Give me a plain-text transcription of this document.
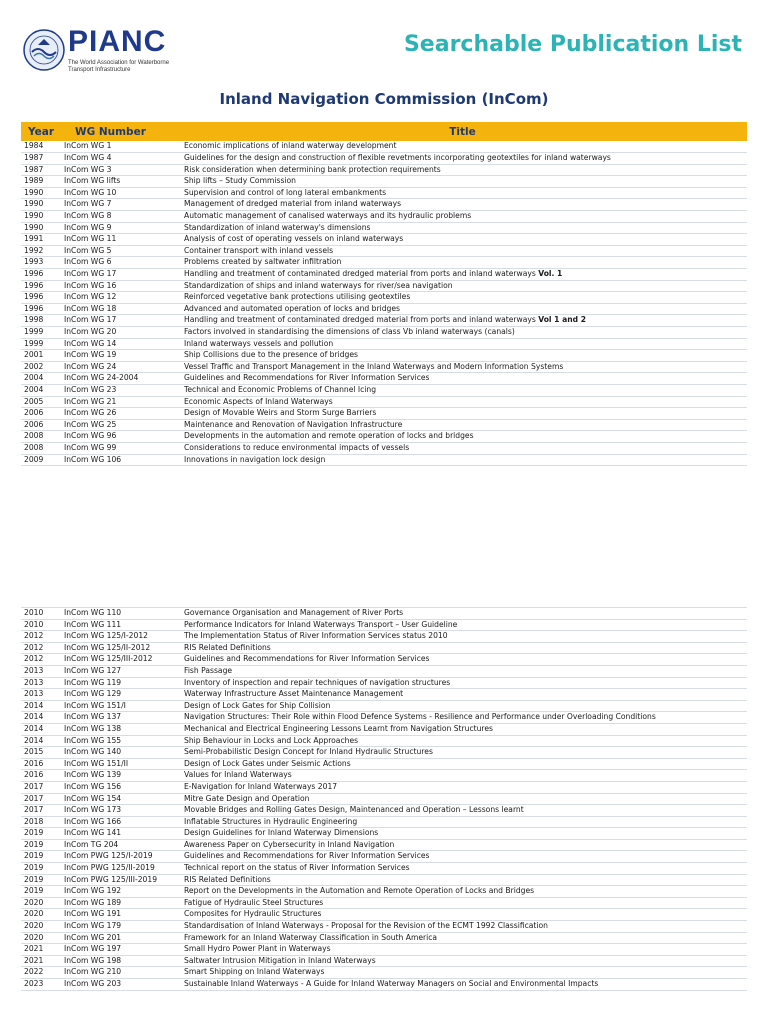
PIANC
The World Association for Waterborne Transport Infrastructure
Searchable Publication List
Inland Navigation Commission (InCom)
Year	WG Number	Title
1984	InCom WG 1	Economic implications of inland waterway development
1987	InCom WG 4	Guidelines for the design and construction of flexible revetments incorporating geotextiles for inland waterways
1987	InCom WG 3	Risk consideration when determining bank protection requirements
1989	InCom WG lifts	Ship lifts – Study Commission
1990	InCom WG 10	Supervision and control of long lateral embankments
1990	InCom WG 7	Management of dredged material from inland waterways
1990	InCom WG 8	Automatic management of canalised waterways and its hydraulic problems
1990	InCom WG 9	Standardization of inland waterway's dimensions
1991	InCom WG 11	Analysis of cost of operating vessels on inland waterways
1992	InCom WG 5	Container transport with inland vessels
1993	InCom WG 6	Problems created by saltwater infiltration
1996	InCom WG 17	Handling and treatment of contaminated dredged material from ports and inland waterways Vol. 1
1996	InCom WG 16	Standardization of ships and inland waterways for river/sea navigation
1996	InCom WG 12	Reinforced vegetative bank protections utilising geotextiles
1996	InCom WG 18	Advanced and automated operation of locks and bridges
1998	InCom WG 17	Handling and treatment of contaminated dredged material from ports and inland waterways Vol 1 and 2
1999	InCom WG 20	Factors involved in standardising the dimensions of class Vb inland waterways (canals)
1999	InCom WG 14	Inland waterways vessels and pollution
2001	InCom WG 19	Ship Collisions due to the presence of bridges
2002	InCom WG 24	Vessel Traffic and Transport Management in the Inland Waterways and Modern Information Systems
2004	InCom WG 24-2004	Guidelines and Recommendations for River Information Services
2004	InCom WG 23	Technical and Economic Problems of Channel Icing
2005	InCom WG 21	Economic Aspects of Inland Waterways
2006	InCom WG 26	Design of Movable Weirs and Storm Surge Barriers
2006	InCom WG 25	Maintenance and Renovation of Navigation Infrastructure
2008	InCom WG 96	Developments in the automation and remote operation of locks and bridges
2008	InCom WG 99	Considerations to reduce environmental impacts of vessels
2009	InCom WG 106	Innovations in navigation lock design
2010	InCom WG 110	Governance Organisation and Management of River Ports
2010	InCom WG 111	Performance Indicators for Inland Waterways Transport – User Guideline
2012	InCom WG 125/I-2012	The Implementation Status of River Information Services status 2010
2012	InCom WG 125/II-2012	RIS Related Definitions
2012	InCom WG 125/III-2012	Guidelines and Recommendations for River Information Services
2013	InCom WG 127	Fish Passage
2013	InCom WG 119	Inventory of inspection and repair techniques of navigation structures
2013	InCom WG 129	Waterway Infrastructure Asset Maintenance Management
2014	InCom WG 151/I	Design of Lock Gates for Ship Collision
2014	InCom WG 137	Navigation Structures: Their Role within Flood Defence Systems - Resilience and Performance under Overloading Conditions
2014	InCom WG 138	Mechanical and Electrical Engineering Lessons Learnt from Navigation Structures
2014	InCom WG 155	Ship Behaviour in Locks and Lock Approaches
2015	InCom WG 140	Semi-Probabilistic Design Concept for Inland Hydraulic Structures
2016	InCom WG 151/II	Design of Lock Gates under Seismic Actions
2016	InCom WG 139	Values for Inland Waterways
2017	InCom WG 156	E-Navigation for Inland Waterways 2017
2017	InCom WG 154	Mitre Gate Design and Operation
2017	InCom WG 173	Movable Bridges and Rolling Gates Design, Maintenanced and Operation – Lessons learnt
2018	InCom WG 166	Inflatable Structures in Hydraulic Engineering
2019	InCom WG 141	Design Guidelines for Inland Waterway Dimensions
2019	InCom TG 204	Awareness Paper on Cybersecurity in Inland Navigation
2019	InCom PWG 125/I-2019	Guidelines and Recommendations for River Information Services
2019	InCom PWG 125/II-2019	Technical report on the status of River Information Services
2019	InCom PWG 125/III-2019	RIS Related Definitions
2019	InCom WG 192	Report on the Developments in the Automation and Remote Operation of Locks and Bridges
2020	InCom WG 189	Fatigue of Hydraulic Steel Structures
2020	InCom WG 191	Composites for Hydraulic Structures
2020	InCom WG 179	Standardisation of Inland Waterways - Proposal for the Revision of the ECMT 1992 Classification
2020	InCom WG 201	Framework for an Inland Waterway Classification in South America
2021	InCom WG 197	Small Hydro Power Plant in Waterways
2021	InCom WG 198	Saltwater Intrusion Mitigation in Inland Waterways
2022	InCom WG 210	Smart Shipping on Inland Waterways
2023	InCom WG 203	Sustainable Inland Waterways - A Guide for Inland Waterway Managers on Social and Environmental Impacts
